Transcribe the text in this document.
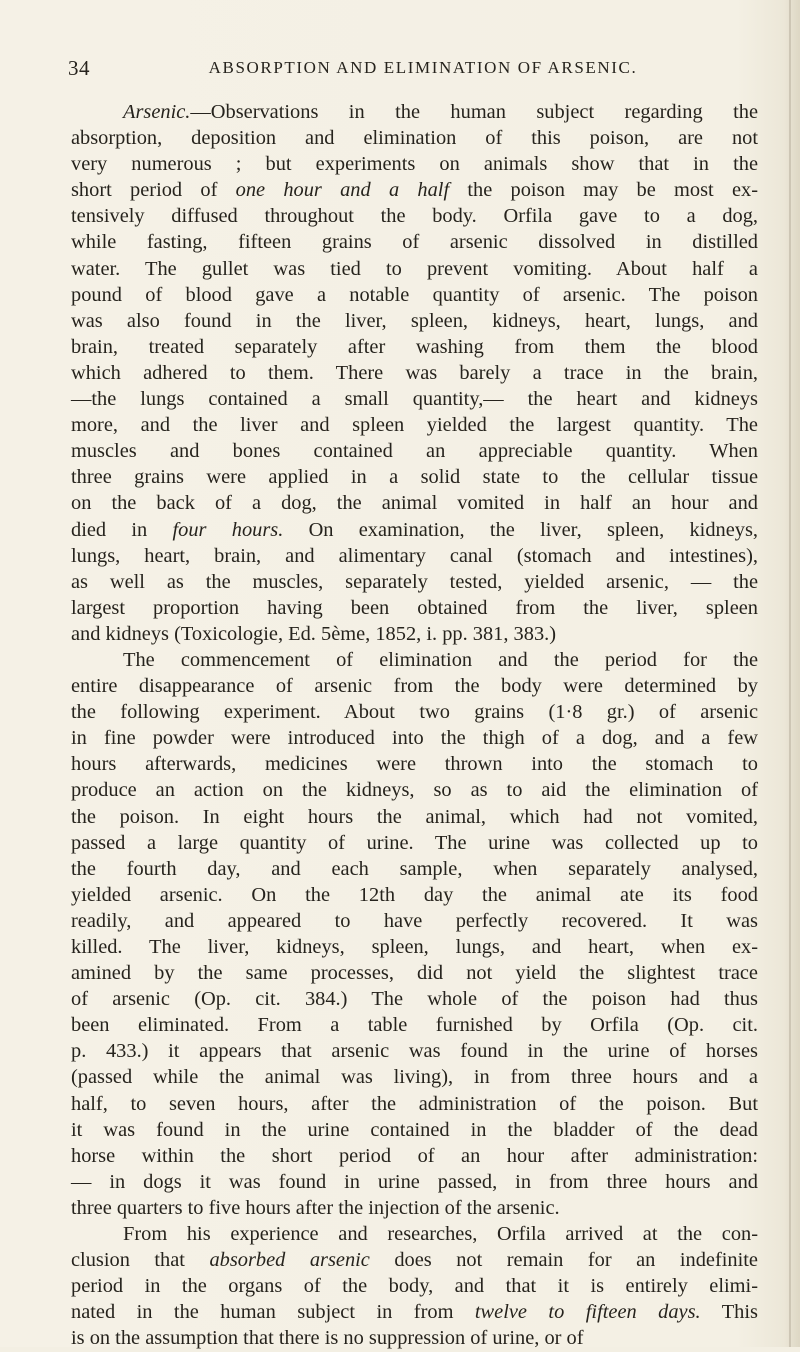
34	ABSORPTION AND ELIMINATION OF ARSENIC.
Arsenic.—Observations in the human subject regarding the
absorption, deposition and elimination of this poison, are not
very numerous ; but experiments on animals show that in the
short period of one hour and a half the poison may be most ex-
tensively diffused throughout the body. Orfila gave to a dog,
while fasting, fifteen grains of arsenic dissolved in distilled
water. The gullet was tied to prevent vomiting. About half a
pound of blood gave a notable quantity of arsenic. The poison
was also found in the liver, spleen, kidneys, heart, lungs, and
brain, treated separately after washing from them the blood
which adhered to them. There was barely a trace in the brain,
—the lungs contained a small quantity,— the heart and kidneys
more, and the liver and spleen yielded the largest quantity. The
muscles and bones contained an appreciable quantity. When
three grains were applied in a solid state to the cellular tissue
on the back of a dog, the animal vomited in half an hour and
died in four hours. On examination, the liver, spleen, kidneys,
lungs, heart, brain, and alimentary canal (stomach and intestines),
as well as the muscles, separately tested, yielded arsenic, — the
largest proportion having been obtained from the liver, spleen
and kidneys (Toxicologie, Ed. 5ème, 1852, i. pp. 381, 383.)
The commencement of elimination and the period for the
entire disappearance of arsenic from the body were determined by
the following experiment. About two grains (1·8 gr.) of arsenic
in fine powder were introduced into the thigh of a dog, and a few
hours afterwards, medicines were thrown into the stomach to
produce an action on the kidneys, so as to aid the elimination of
the poison. In eight hours the animal, which had not vomited,
passed a large quantity of urine. The urine was collected up to
the fourth day, and each sample, when separately analysed,
yielded arsenic. On the 12th day the animal ate its food
readily, and appeared to have perfectly recovered. It was
killed. The liver, kidneys, spleen, lungs, and heart, when ex-
amined by the same processes, did not yield the slightest trace
of arsenic (Op. cit. 384.) The whole of the poison had thus
been eliminated. From a table furnished by Orfila (Op. cit.
p. 433.) it appears that arsenic was found in the urine of horses
(passed while the animal was living), in from three hours and a
half, to seven hours, after the administration of the poison. But
it was found in the urine contained in the bladder of the dead
horse within the short period of an hour after administration:
— in dogs it was found in urine passed, in from three hours and
three quarters to five hours after the injection of the arsenic.
From his experience and researches, Orfila arrived at the con-
clusion that absorbed arsenic does not remain for an indefinite
period in the organs of the body, and that it is entirely elimi-
nated in the human subject in from twelve to fifteen days. This
is on the assumption that there is no suppression of urine, or of
